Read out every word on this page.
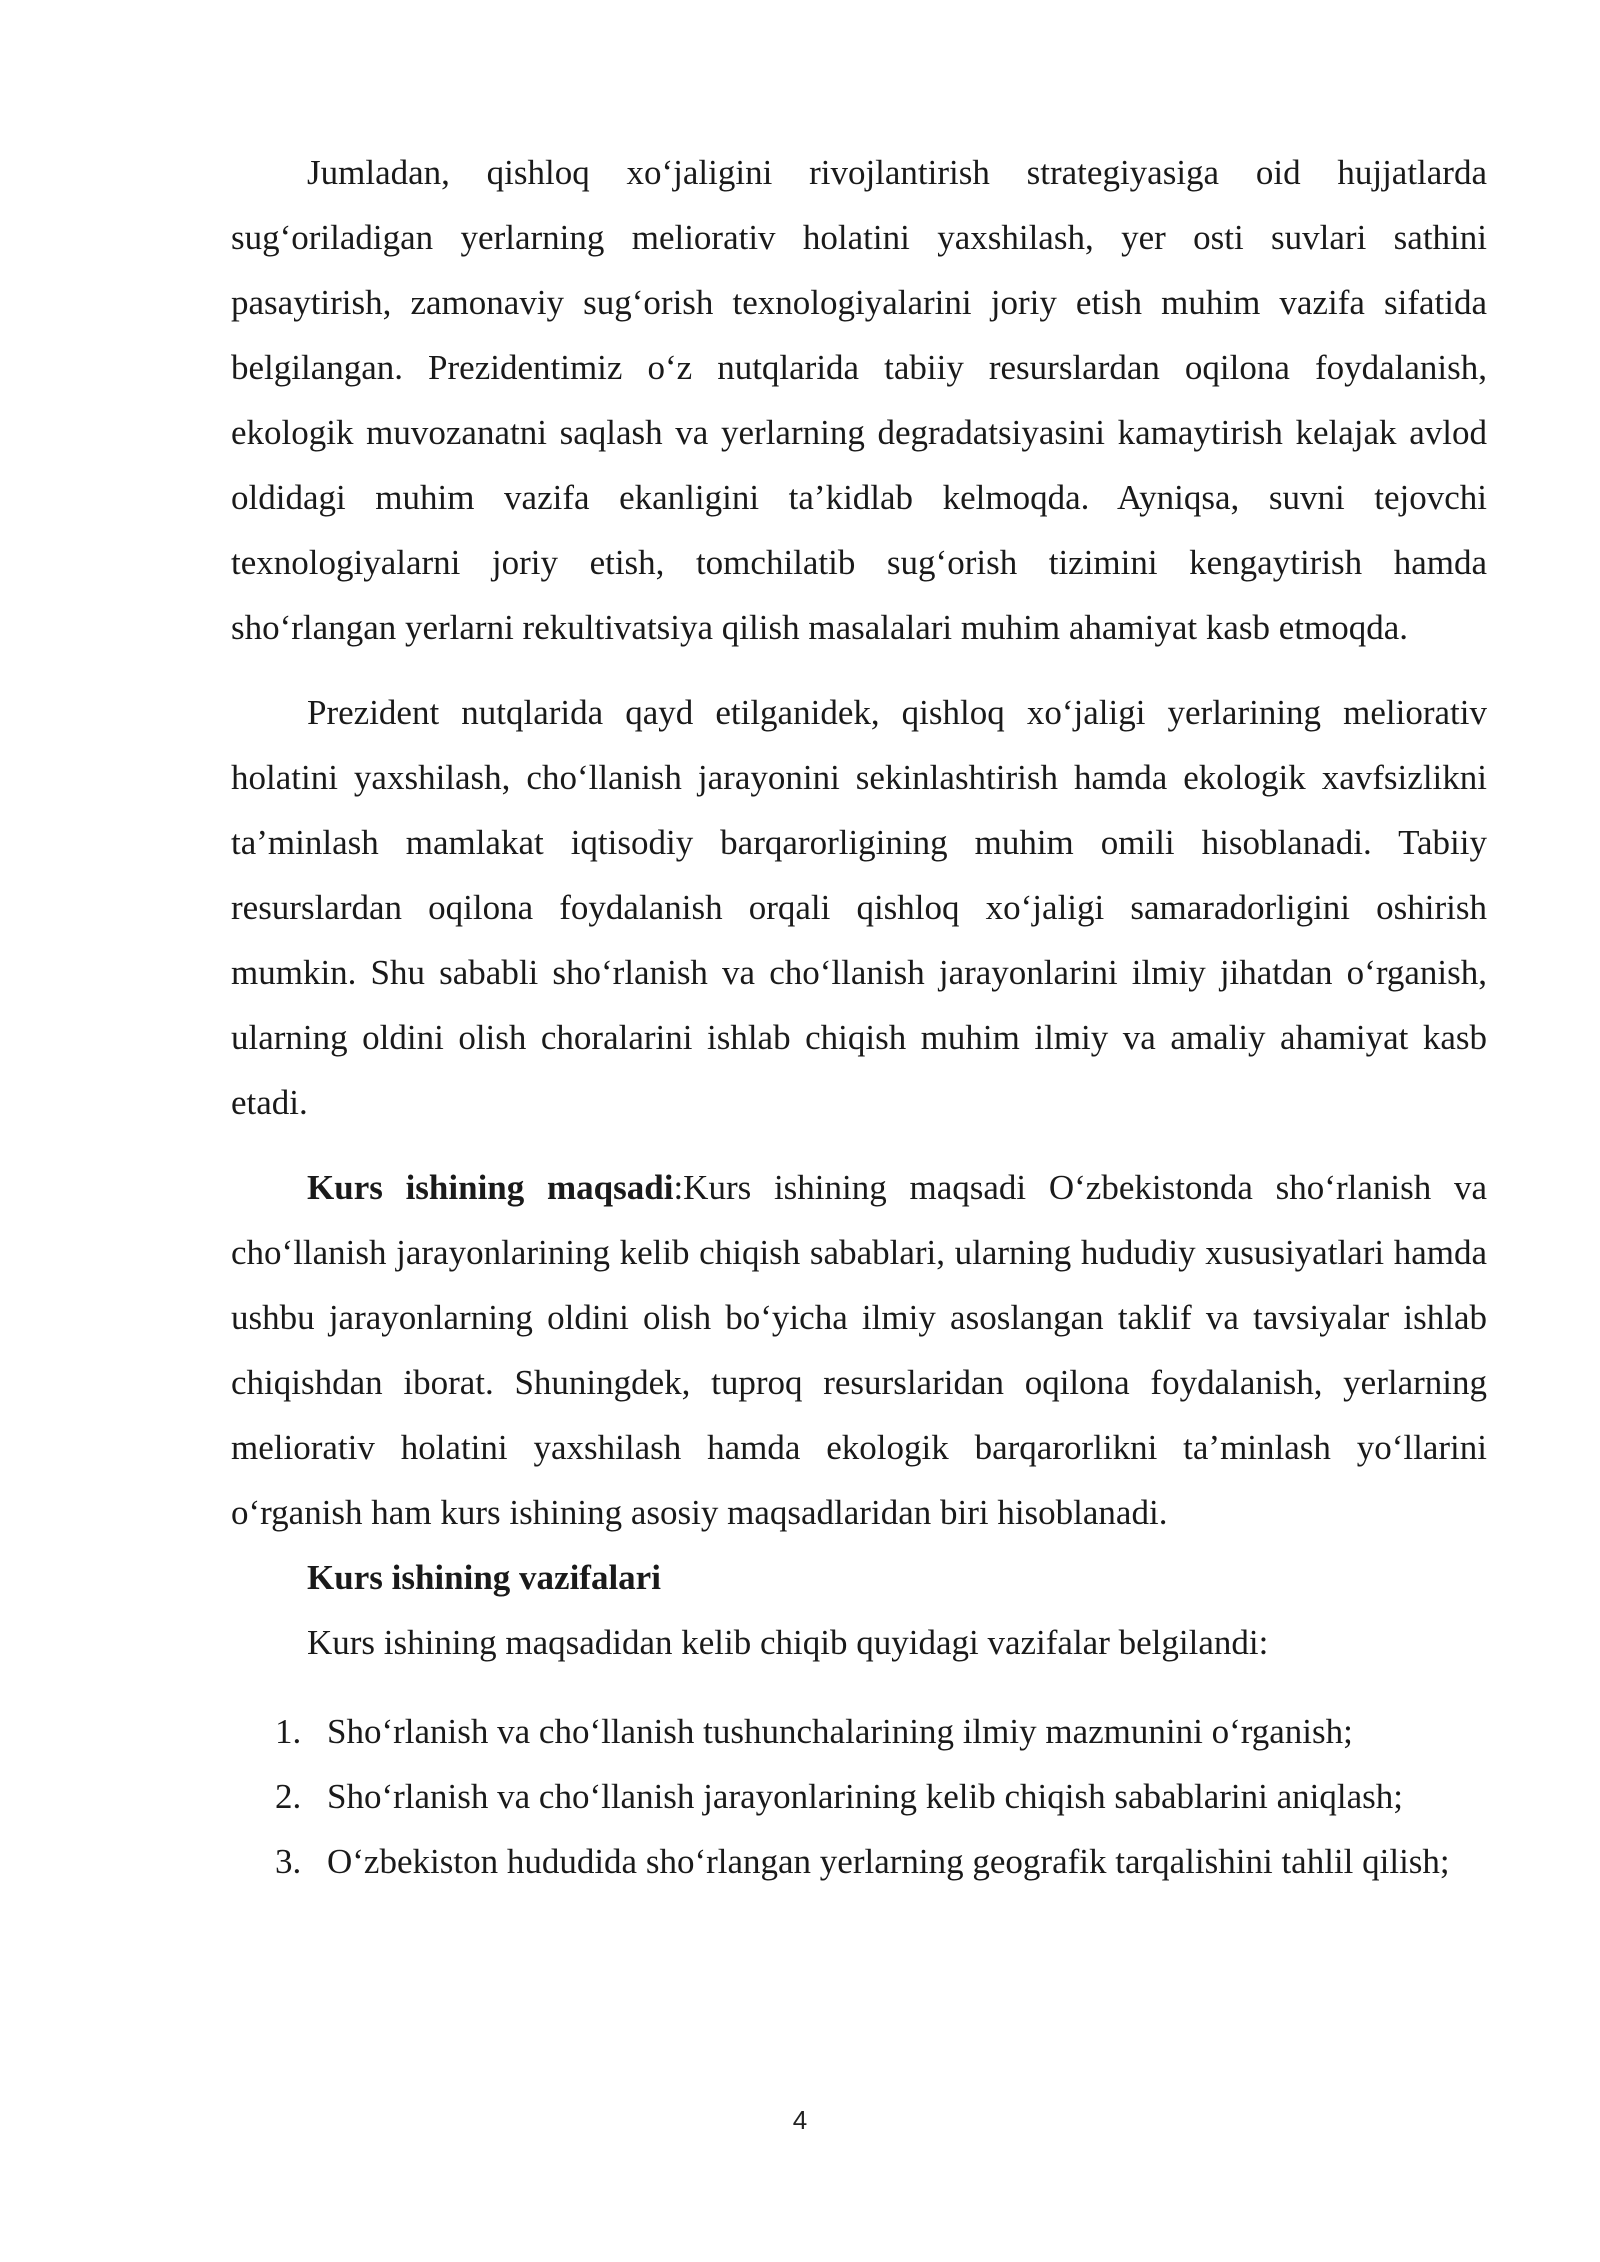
Jumladan, qishloq xo‘jaligini rivojlantirish strategiyasiga oid hujjatlarda sug‘oriladigan yerlarning meliorativ holatini yaxshilash, yer osti suvlari sathini pasaytirish, zamonaviy sug‘orish texnologiyalarini joriy etish muhim vazifa sifatida belgilangan. Prezidentimiz o‘z nutqlarida tabiiy resurslardan oqilona foydalanish, ekologik muvozanatni saqlash va yerlarning degradatsiyasini kamaytirish kelajak avlod oldidagi muhim vazifa ekanligini ta’kidlab kelmoqda. Ayniqsa, suvni tejovchi texnologiyalarni joriy etish, tomchilatib sug‘orish tizimini kengaytirish hamda sho‘rlangan yerlarni rekultivatsiya qilish masalalari muhim ahamiyat kasb etmoqda.

Prezident nutqlarida qayd etilganidek, qishloq xo‘jaligi yerlarining meliorativ holatini yaxshilash, cho‘llanish jarayonini sekinlashtirish hamda ekologik xavfsizlikni ta’minlash mamlakat iqtisodiy barqarorligining muhim omili hisoblanadi. Tabiiy resurslardan oqilona foydalanish orqali qishloq xo‘jaligi samaradorligini oshirish mumkin. Shu sababli sho‘rlanish va cho‘llanish jarayonlarini ilmiy jihatdan o‘rganish, ularning oldini olish choralarini ishlab chiqish muhim ilmiy va amaliy ahamiyat kasb etadi.

Kurs ishining maqsadi:Kurs ishining maqsadi O‘zbekistonda sho‘rlanish va cho‘llanish jarayonlarining kelib chiqish sabablari, ularning hududiy xususiyatlari hamda ushbu jarayonlarning oldini olish bo‘yicha ilmiy asoslangan taklif va tavsiyalar ishlab chiqishdan iborat. Shuningdek, tuproq resurslaridan oqilona foydalanish, yerlarning meliorativ holatini yaxshilash hamda ekologik barqarorlikni ta’minlash yo‘llarini o‘rganish ham kurs ishining asosiy maqsadlaridan biri hisoblanadi.

Kurs ishining vazifalari
Kurs ishining maqsadidan kelib chiqib quyidagi vazifalar belgilandi:
1. Sho‘rlanish va cho‘llanish tushunchalarining ilmiy mazmunini o‘rganish;
2. Sho‘rlanish va cho‘llanish jarayonlarining kelib chiqish sabablarini aniqlash;
3. O‘zbekiston hududida sho‘rlangan yerlarning geografik tarqalishini tahlil qilish;
4
